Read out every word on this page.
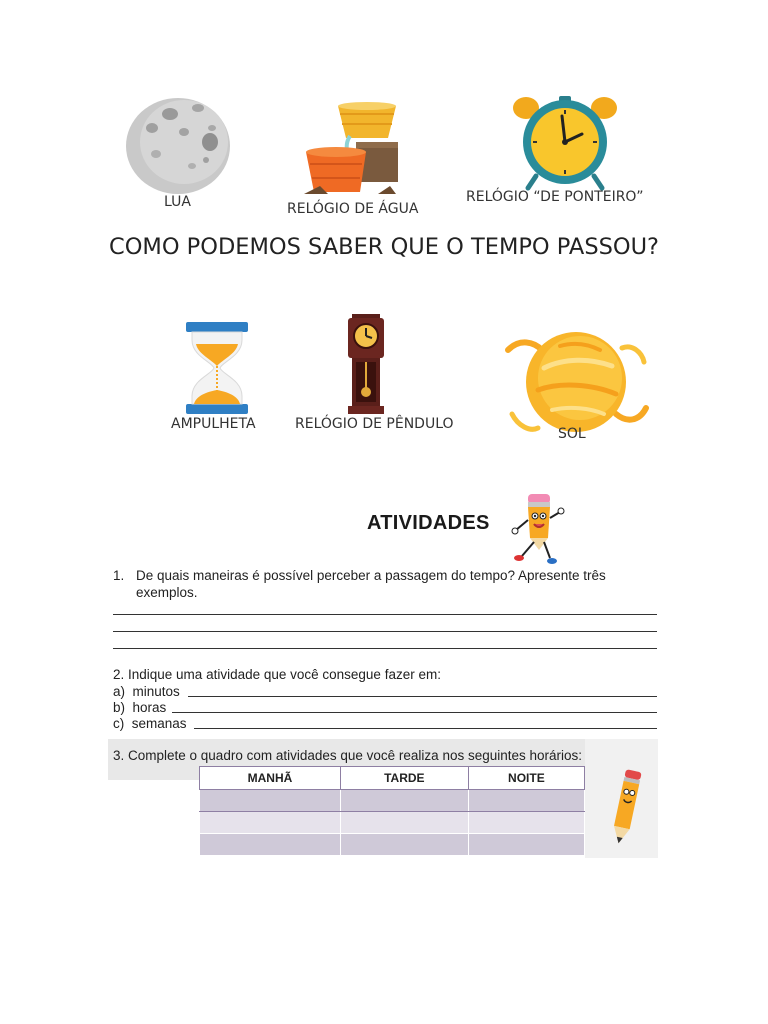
LUA	RELÓGIO DE ÁGUA
RELÓGIO “DE PONTEIRO”
COMO PODEMOS SABER QUE O TEMPO PASSOU?
AMPULHETA	RELÓGIO DE PÊNDULO
SOL
ATIVIDADES
1. De quais maneiras é possível perceber a passagem do tempo? Apresente três
exemplos.
2. Indique uma atividade que você consegue fazer em:
a) minutos
b) horas
c) semanas
3. Complete o quadro com atividades que você realiza nos seguintes horários:
MANHÃ	TARDE	NOITE
